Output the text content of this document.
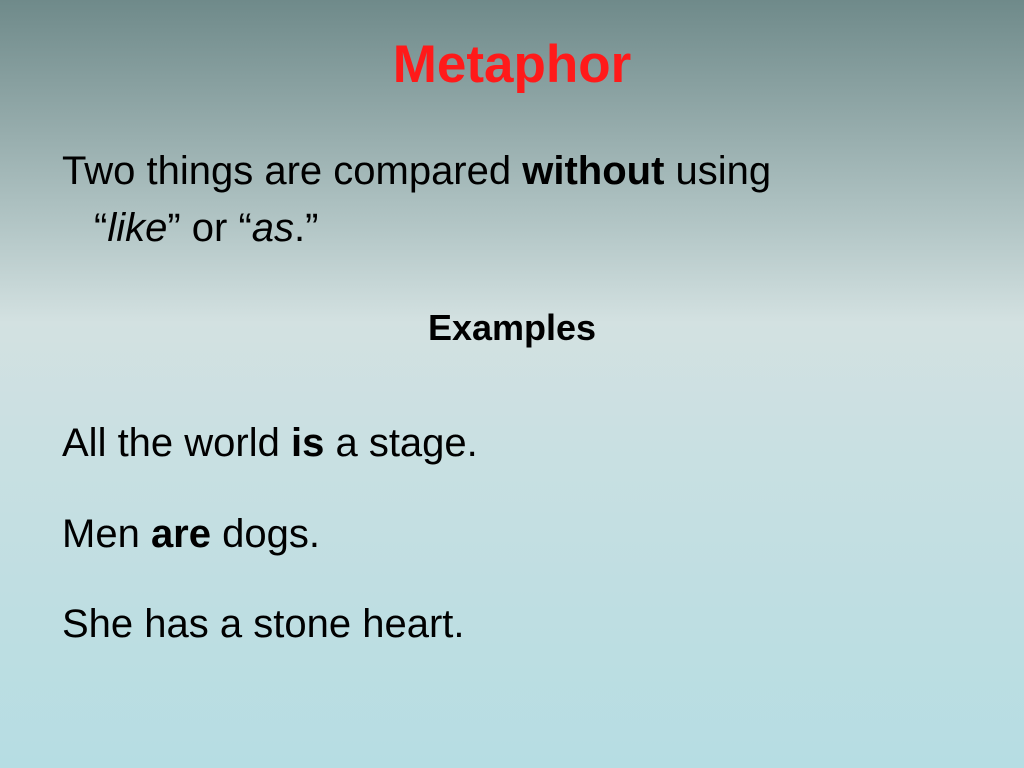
Metaphor
Two things are compared without using
“like” or “as.”
Examples
All the world is a stage.
Men are dogs.
She has a stone heart.
